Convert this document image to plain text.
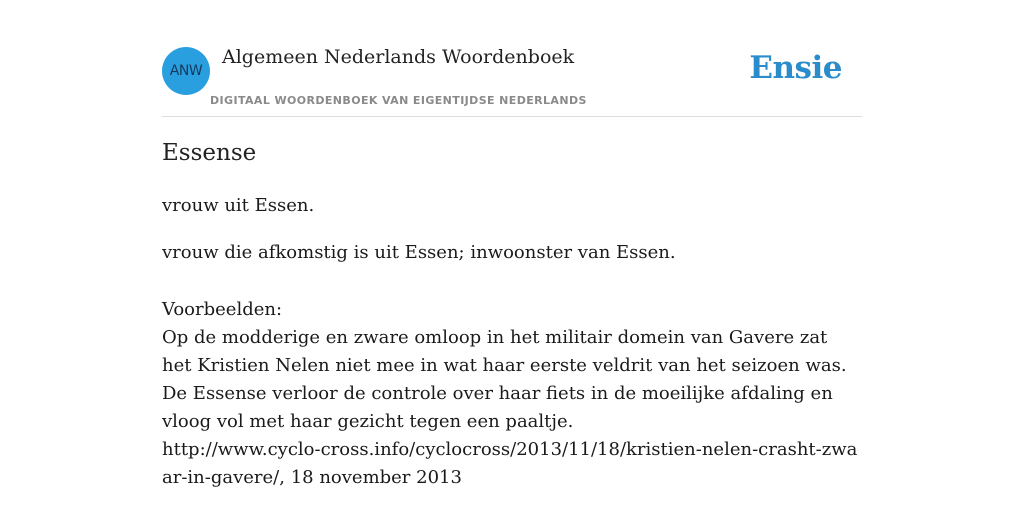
ANW
Algemeen Nederlands Woordenboek
DIGITAAL WOORDENBOEK VAN EIGENTIJDSE NEDERLANDS
Ensie
Essense
vrouw uit Essen.
vrouw die afkomstig is uit Essen; inwoonster van Essen.

Voorbeelden:

Op de modderige en zware omloop in het militair domein van Gavere zat het Kristien Nelen niet mee in wat haar eerste veldrit van het seizoen was. De Essense verloor de controle over haar fiets in de moeilijke afdaling en vloog vol met haar gezicht tegen een paaltje.

http://www.cyclo-cross.info/cyclocross/2013/11/18/kristien-nelen-crasht-zwaar-in-gavere/, 18 november 2013
